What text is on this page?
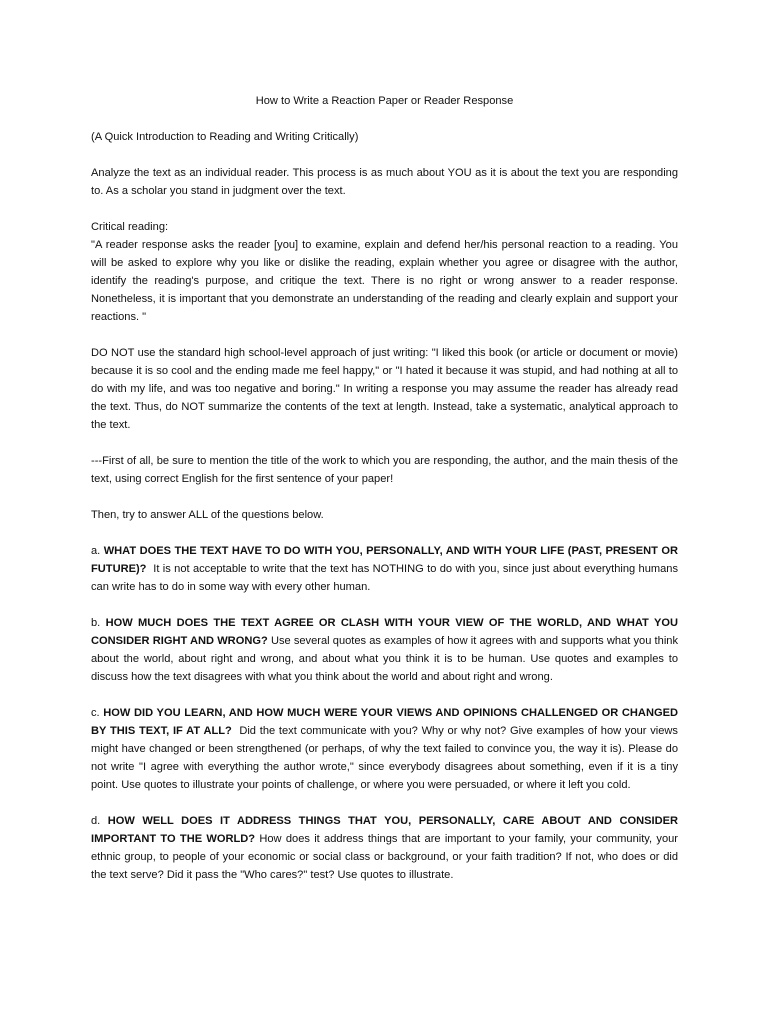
How to Write a Reaction Paper or Reader Response

(A Quick Introduction to Reading and Writing Critically)

Analyze the text as an individual reader. This process is as much about YOU as it is about the text you are responding to. As a scholar you stand in judgment over the text.

Critical reading:

"A reader response asks the reader [you] to examine, explain and defend her/his personal reaction to a reading. You will be asked to explore why you like or dislike the reading, explain whether you agree or disagree with the author, identify the reading's purpose, and critique the text. There is no right or wrong answer to a reader response. Nonetheless, it is important that you demonstrate an understanding of the reading and clearly explain and support your reactions. "

DO NOT use the standard high school-level approach of just writing: "I liked this book (or article or document or movie) because it is so cool and the ending made me feel happy," or "I hated it because it was stupid, and had nothing at all to do with my life, and was too negative and boring." In writing a response you may assume the reader has already read the text. Thus, do NOT summarize the contents of the text at length. Instead, take a systematic, analytical approach to the text.

---First of all, be sure to mention the title of the work to which you are responding, the author, and the main thesis of the text, using correct English for the first sentence of your paper!

Then, try to answer ALL of the questions below.

a. WHAT DOES THE TEXT HAVE TO DO WITH YOU, PERSONALLY, AND WITH YOUR LIFE (PAST, PRESENT OR FUTURE)? It is not acceptable to write that the text has NOTHING to do with you, since just about everything humans can write has to do in some way with every other human.

b. HOW MUCH DOES THE TEXT AGREE OR CLASH WITH YOUR VIEW OF THE WORLD, AND WHAT YOU CONSIDER RIGHT AND WRONG? Use several quotes as examples of how it agrees with and supports what you think about the world, about right and wrong, and about what you think it is to be human. Use quotes and examples to discuss how the text disagrees with what you think about the world and about right and wrong.

c. HOW DID YOU LEARN, AND HOW MUCH WERE YOUR VIEWS AND OPINIONS CHALLENGED OR CHANGED BY THIS TEXT, IF AT ALL? Did the text communicate with you? Why or why not? Give examples of how your views might have changed or been strengthened (or perhaps, of why the text failed to convince you, the way it is). Please do not write "I agree with everything the author wrote," since everybody disagrees about something, even if it is a tiny point. Use quotes to illustrate your points of challenge, or where you were persuaded, or where it left you cold.

d. HOW WELL DOES IT ADDRESS THINGS THAT YOU, PERSONALLY, CARE ABOUT AND CONSIDER IMPORTANT TO THE WORLD? How does it address things that are important to your family, your community, your ethnic group, to people of your economic or social class or background, or your faith tradition? If not, who does or did the text serve? Did it pass the "Who cares?" test? Use quotes to illustrate.
